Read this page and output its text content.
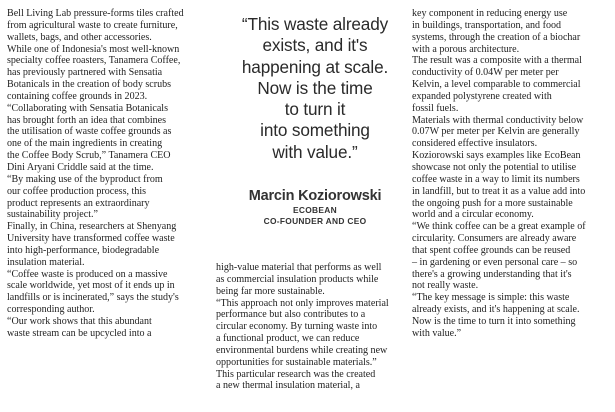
Bell Living Lab pressure-forms tiles crafted
from agricultural waste to create furniture,
wallets, bags, and other accessories.
While one of Indonesia's most well-known
specialty coffee roasters, Tanamera Coffee,
has previously partnered with Sensatia
Botanicals in the creation of body scrubs
containing coffee grounds in 2023.
“Collaborating with Sensatia Botanicals
has brought forth an idea that combines
the utilisation of waste coffee grounds as
one of the main ingredients in creating
the Coffee Body Scrub,” Tanamera CEO
Dini Aryani Criddle said at the time.
“By making use of the byproduct from
our coffee production process, this
product represents an extraordinary
sustainability project.”
Finally, in China, researchers at Shenyang
University have transformed coffee waste
into high-performance, biodegradable
insulation material.
“Coffee waste is produced on a massive
scale worldwide, yet most of it ends up in
landfills or is incinerated,” says the study's
corresponding author.
“Our work shows that this abundant
waste stream can be upcycled into a
“This waste already
exists, and it's
happening at scale.
Now is the time
to turn it
into something
with value.”
Marcin Koziorowski
ECOBEAN
CO-FOUNDER AND CEO
high-value material that performs as well
as commercial insulation products while
being far more sustainable.
“This approach not only improves material
performance but also contributes to a
circular economy. By turning waste into
a functional product, we can reduce
environmental burdens while creating new
opportunities for sustainable materials.”
This particular research was the created
a new thermal insulation material, a
key component in reducing energy use
in buildings, transportation, and food
systems, through the creation of a biochar
with a porous architecture.
The result was a composite with a thermal
conductivity of 0.04W per meter per
Kelvin, a level comparable to commercial
expanded polystyrene created with
fossil fuels.
Materials with thermal conductivity below
0.07W per meter per Kelvin are generally
considered effective insulators.
Koziorowski says examples like EcoBean
showcase not only the potential to utilise
coffee waste in a way to limit its numbers
in landfill, but to treat it as a value add into
the ongoing push for a more sustainable
world and a circular economy.
“We think coffee can be a great example of
circularity. Consumers are already aware
that spent coffee grounds can be reused
– in gardening or even personal care – so
there's a growing understanding that it's
not really waste.
“The key message is simple: this waste
already exists, and it's happening at scale.
Now is the time to turn it into something
with value.”
